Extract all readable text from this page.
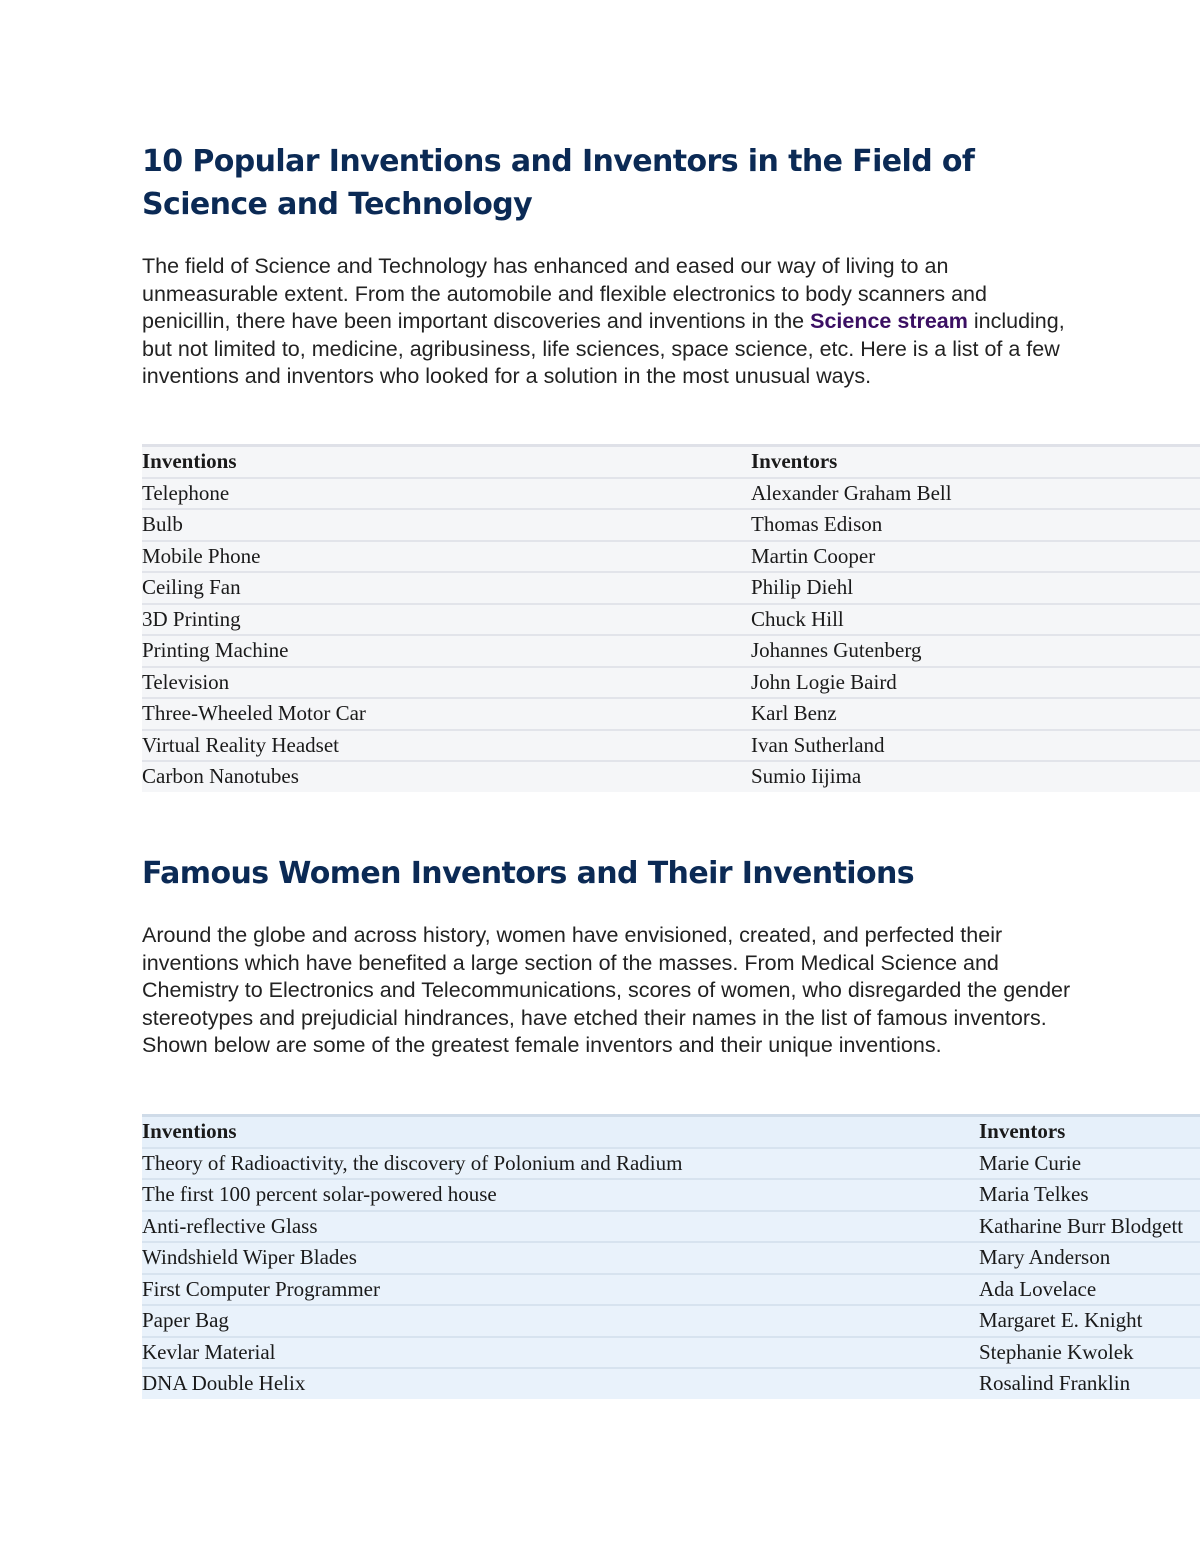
10 Popular Inventions and Inventors in the Field of Science and Technology

The field of Science and Technology has enhanced and eased our way of living to an unmeasurable extent. From the automobile and flexible electronics to body scanners and penicillin, there have been important discoveries and inventions in the Science stream including, but not limited to, medicine, agribusiness, life sciences, space science, etc. Here is a list of a few inventions and inventors who looked for a solution in the most unusual ways.

Inventions	Inventors
Telephone	Alexander Graham Bell
Bulb	Thomas Edison
Mobile Phone	Martin Cooper
Ceiling Fan	Philip Diehl
3D Printing	Chuck Hill
Printing Machine	Johannes Gutenberg
Television	John Logie Baird
Three-Wheeled Motor Car	Karl Benz
Virtual Reality Headset	Ivan Sutherland
Carbon Nanotubes	Sumio Iijima
Famous Women Inventors and Their Inventions

Around the globe and across history, women have envisioned, created, and perfected their inventions which have benefited a large section of the masses. From Medical Science and Chemistry to Electronics and Telecommunications, scores of women, who disregarded the gender stereotypes and prejudicial hindrances, have etched their names in the list of famous inventors. Shown below are some of the greatest female inventors and their unique inventions.

Inventions	Inventors
Theory of Radioactivity, the discovery of Polonium and Radium	Marie Curie
The first 100 percent solar-powered house	Maria Telkes
Anti-reflective Glass	Katharine Burr Blodgett
Windshield Wiper Blades	Mary Anderson
First Computer Programmer	Ada Lovelace
Paper Bag	Margaret E. Knight
Kevlar Material	Stephanie Kwolek
DNA Double Helix	Rosalind Franklin
